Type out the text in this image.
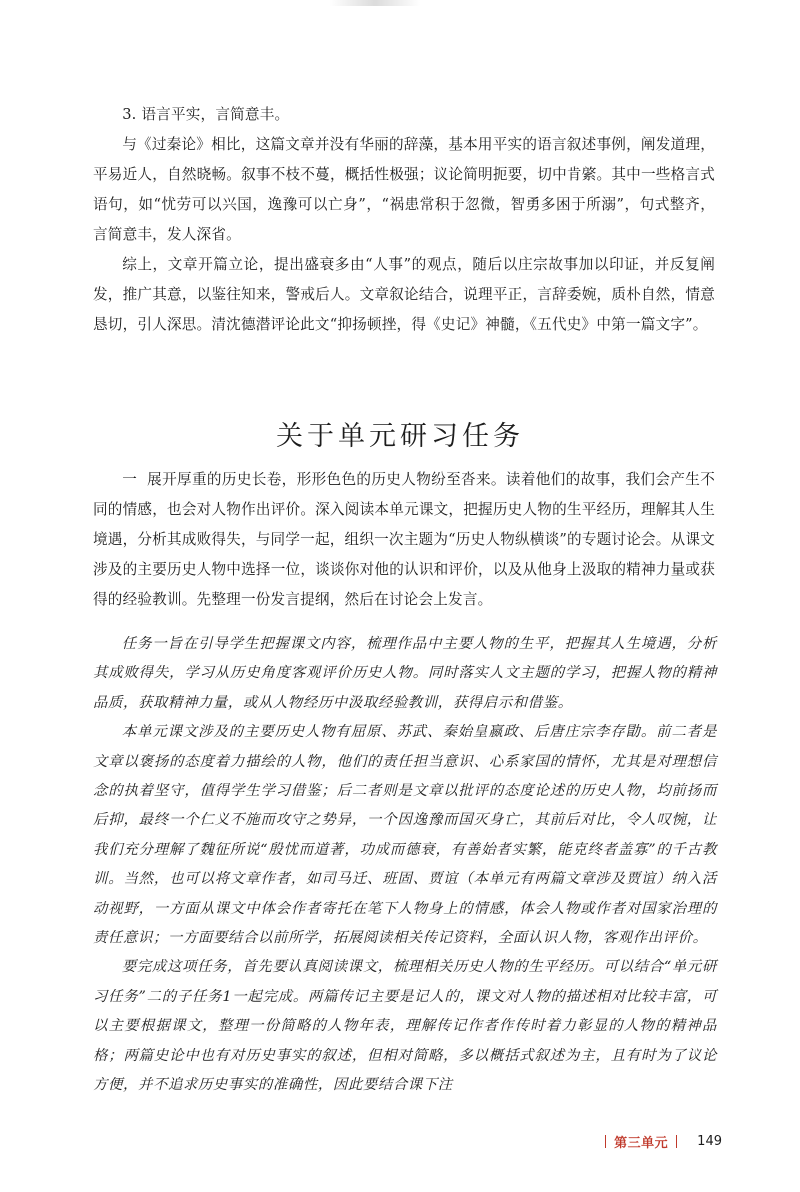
3. 语言平实，言简意丰。

与《过秦论》相比，这篇文章并没有华丽的辞藻，基本用平实的语言叙述事例，阐发道理，平易近人，自然晓畅。叙事不枝不蔓，概括性极强；议论简明扼要，切中肯綮。其中一些格言式语句，如“忧劳可以兴国，逸豫可以亡身”，“祸患常积于忽微，智勇多困于所溺”，句式整齐，言简意丰，发人深省。

综上，文章开篇立论，提出盛衰多由“人事”的观点，随后以庄宗故事加以印证，并反复阐发，推广其意，以鉴往知来，警戒后人。文章叙论结合，说理平正，言辞委婉，质朴自然，情意恳切，引人深思。清沈德潜评论此文“抑扬顿挫，得《史记》神髓，《五代史》中第一篇文字”。

关于单元研习任务

一 展开厚重的历史长卷，形形色色的历史人物纷至沓来。读着他们的故事，我们会产生不同的情感，也会对人物作出评价。深入阅读本单元课文，把握历史人物的生平经历，理解其人生境遇，分析其成败得失，与同学一起，组织一次主题为“历史人物纵横谈”的专题讨论会。从课文涉及的主要历史人物中选择一位，谈谈你对他的认识和评价，以及从他身上汲取的精神力量或获得的经验教训。先整理一份发言提纲，然后在讨论会上发言。

任务一旨在引导学生把握课文内容，梳理作品中主要人物的生平，把握其人生境遇，分析其成败得失，学习从历史角度客观评价历史人物。同时落实人文主题的学习，把握人物的精神品质，获取精神力量，或从人物经历中汲取经验教训，获得启示和借鉴。

本单元课文涉及的主要历史人物有屈原、苏武、秦始皇嬴政、后唐庄宗李存勖。前二者是文章以褒扬的态度着力描绘的人物，他们的责任担当意识、心系家国的情怀，尤其是对理想信念的执着坚守，值得学生学习借鉴；后二者则是文章以批评的态度论述的历史人物，均前扬而后抑，最终一个仁义不施而攻守之势异，一个因逸豫而国灭身亡，其前后对比，令人叹惋，让我们充分理解了魏征所说“殷忧而道著，功成而德衰，有善始者实繁，能克终者盖寡”的千古教训。当然，也可以将文章作者，如司马迁、班固、贾谊（本单元有两篇文章涉及贾谊）纳入活动视野，一方面从课文中体会作者寄托在笔下人物身上的情感，体会人物或作者对国家治理的责任意识；一方面要结合以前所学，拓展阅读相关传记资料，全面认识人物，客观作出评价。

要完成这项任务，首先要认真阅读课文，梳理相关历史人物的生平经历。可以结合“单元研习任务”二的子任务1一起完成。两篇传记主要是记人的，课文对人物的描述相对比较丰富，可以主要根据课文，整理一份简略的人物年表，理解传记作者作传时着力彰显的人物的精神品格；两篇史论中也有对历史事实的叙述，但相对简略，多以概括式叙述为主，且有时为了议论方便，并不追求历史事实的准确性，因此要结合课下注

第三单元 149
